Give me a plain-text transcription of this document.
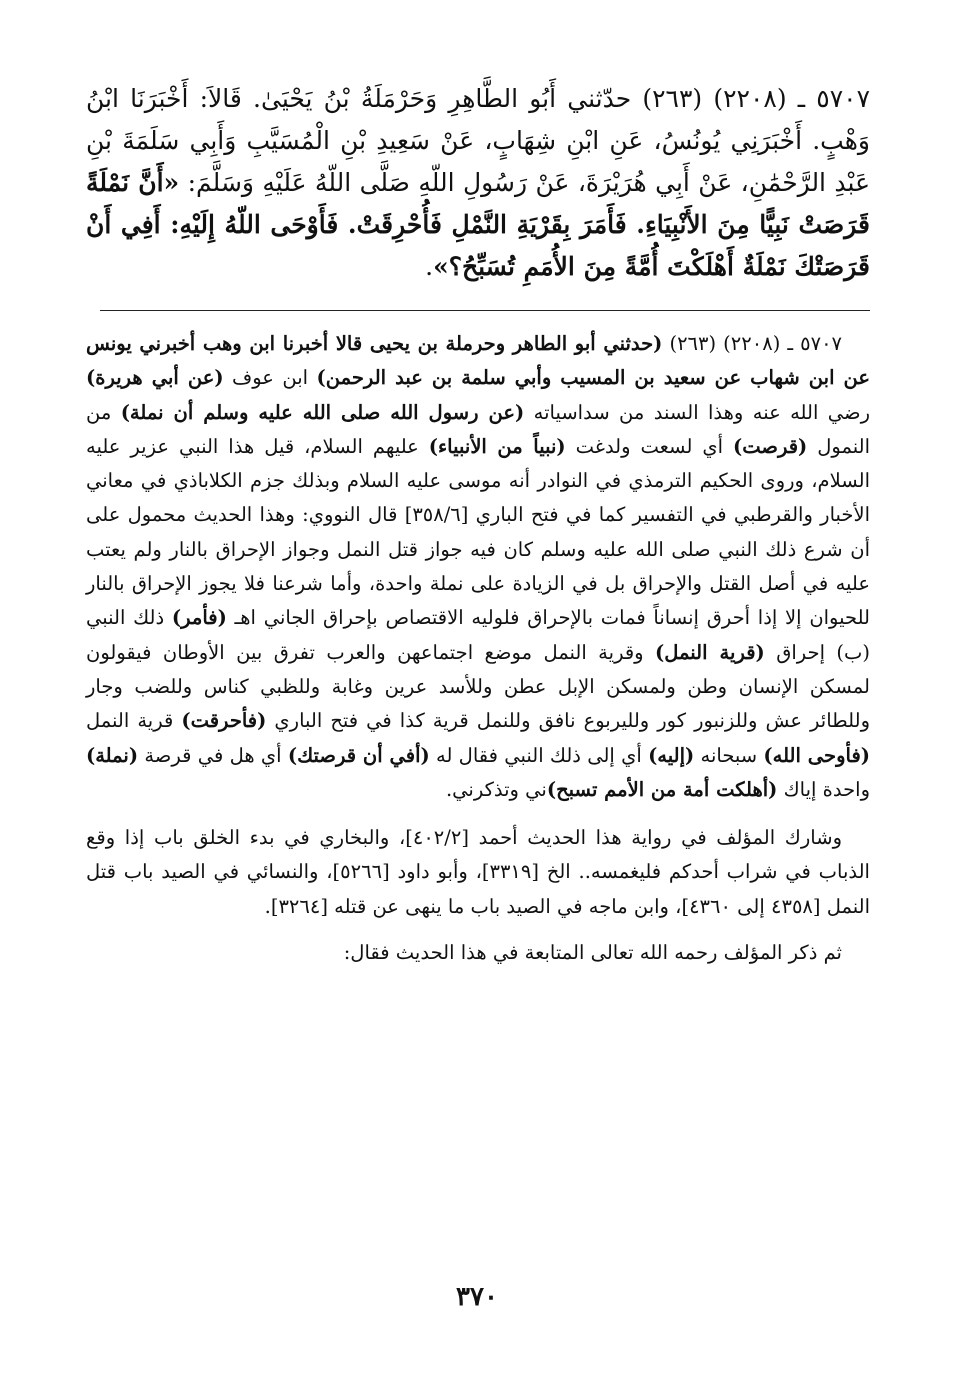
٥٧٠٧ ـ (٢٢٠٨) (٢٦٣) حدّثني أَبُو الطَّاهِرِ وَحَرْمَلَةُ بْنُ يَحْيَىٰ. قَالاَ: أَخْبَرَنَا ابْنُ وَهْبٍ. أَخْبَرَنِي يُونُسُ، عَنِ ابْنِ شِهَابٍ، عَنْ سَعِيدِ بْنِ الْمُسَيَّبِ وَأَبِي سَلَمَةَ بْنِ عَبْدِ الرَّحْمَٰنِ، عَنْ أَبِي هُرَيْرَةَ، عَنْ رَسُولِ اللّهِ صَلَّى اللّهُ عَلَيْهِ وَسَلَّمَ: «أَنَّ نَمْلَةً قَرَصَتْ نَبِيًّا مِنَ الأَنْبِيَاءِ. فَأَمَرَ بِقَرْيَةِ النَّمْلِ فَأُحْرِقَتْ. فَأَوْحَى اللّهُ إِلَيْهِ: أَفِي أَنْ قَرَصَتْكَ نَمْلَةٌ أَهْلَكْتَ أُمَّةً مِنَ الأُمَمِ تُسَبِّحُ؟».

٥٧٠٧ ـ (٢٢٠٨) (٢٦٣) (حدثني أبو الطاهر وحرملة بن يحيى قالا أخبرنا ابن وهب أخبرني يونس عن ابن شهاب عن سعيد بن المسيب وأبي سلمة بن عبد الرحمن) ابن عوف (عن أبي هريرة) رضي الله عنه وهذا السند من سداسياته (عن رسول الله صلى الله عليه وسلم أن نملة) من النمول (قرصت) أي لسعت ولدغت (نبياً من الأنبياء) عليهم السلام، قيل هذا النبي عزير عليه السلام، وروى الحكيم الترمذي في النوادر أنه موسى عليه السلام وبذلك جزم الكلاباذي في معاني الأخبار والقرطبي في التفسير كما في فتح الباري [٣٥٨/٦] قال النووي: وهذا الحديث محمول على أن شرع ذلك النبي صلى الله عليه وسلم كان فيه جواز قتل النمل وجواز الإحراق بالنار ولم يعتب عليه في أصل القتل والإحراق بل في الزيادة على نملة واحدة، وأما شرعنا فلا يجوز الإحراق بالنار للحيوان إلا إذا أحرق إنساناً فمات بالإحراق فلوليه الاقتصاص بإحراق الجاني اهـ (فأمر) ذلك النبي (ب) إحراق (قرية النمل) وقرية النمل موضع اجتماعهن والعرب تفرق بين الأوطان فيقولون لمسكن الإنسان وطن ولمسكن الإبل عطن وللأسد عرين وغابة وللظبي كناس وللضب وجار وللطائر عش وللزنبور كور ولليربوع نافق وللنمل قرية كذا في فتح الباري (فأحرقت) قرية النمل (فأوحى الله) سبحانه (إليه) أي إلى ذلك النبي فقال له (أفي أن قرصتك) أي هل في قرصة (نملة) واحدة إياك (أهلكت أمة من الأمم تسبح)ني وتذكرني.

وشارك المؤلف في رواية هذا الحديث أحمد [٤٠٢/٢]، والبخاري في بدء الخلق باب إذا وقع الذباب في شراب أحدكم فليغمسه.. الخ [٣٣١٩]، وأبو داود [٥٢٦٦]، والنسائي في الصيد باب قتل النمل [٤٣٥٨ إلى ٤٣٦٠]، وابن ماجه في الصيد باب ما ينهى عن قتله [٣٢٦٤].

ثم ذكر المؤلف رحمه الله تعالى المتابعة في هذا الحديث فقال:

٣٧٠
